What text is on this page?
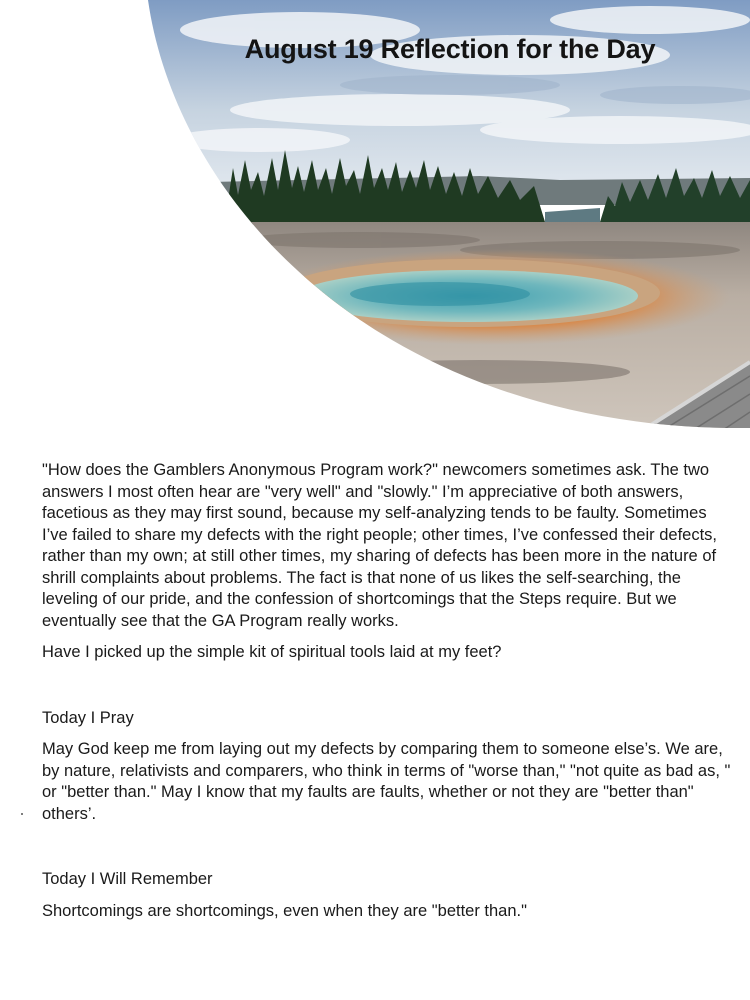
August 19 Reflection for the Day

"How does the Gamblers Anonymous Program work?" newcomers sometimes ask. The two answers I most often hear are "very well" and "slowly." I’m appreciative of both answers, facetious as they may first sound, because my self-analyzing tends to be faulty. Sometimes I’ve failed to share my defects with the right people; other times, I’ve confessed their defects, rather than my own; at still other times, my sharing of defects has been more in the nature of shrill complaints about problems. The fact is that none of us likes the self-searching, the leveling of our pride, and the confession of shortcomings that the Steps require. But we eventually see that the GA Program really works.

Have I picked up the simple kit of spiritual tools laid at my feet?

Today I Pray

May God keep me from laying out my defects by comparing them to someone else’s. We are, by nature, relativists and comparers, who think in terms of "worse than," "not quite as bad as, " or "better than." May I know that my faults are faults, whether or not they are "better than" others’.

Today I Will Remember

Shortcomings are shortcomings, even when they are "better than."
